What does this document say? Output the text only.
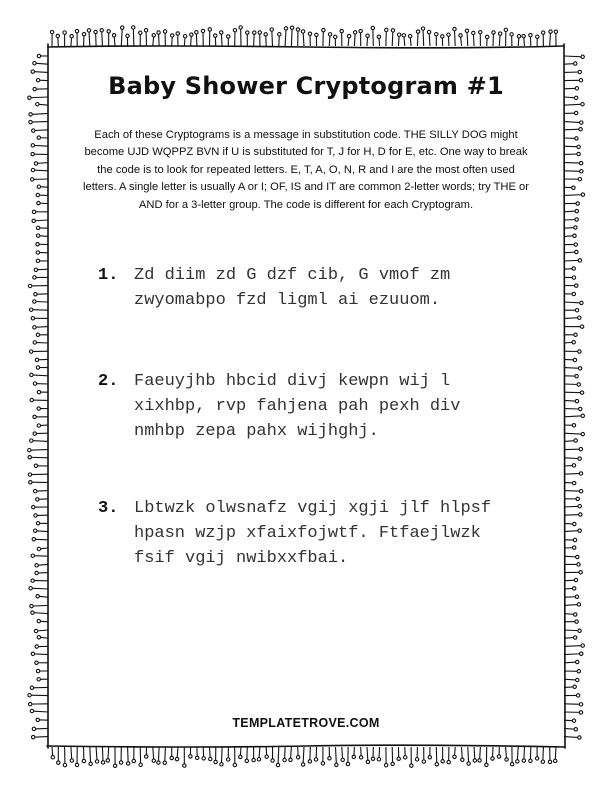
Baby Shower Cryptogram #1

Each of these Cryptograms is a message in substitution code. THE SILLY DOG might become UJD WQPPZ BVN if U is substituted for T, J for H, D for E, etc. One way to break the code is to look for repeated letters. E, T, A, O, N, R and I are the most often used letters. A single letter is usually A or I; OF, IS and IT are common 2-letter words; try THE or AND for a 3-letter group. The code is different for each Cryptogram.

1. Zd diim zd G dzf cib, G vmof zm
zwyomabpo fzd ligml ai ezuuom.
2. Faeuyjhb hbcid divj kewpn wij l
xixhbp, rvp fahjena pah pexh div
nmhbp zepa pahx wijhghj.
3. Lbtwzk olwsnafz vgij xgji jlf hlpsf
hpasn wzjp xfaixfojwtf. Ftfaejlwzk
fsif vgij nwibxxfbai.
TEMPLATETROVE.COM
